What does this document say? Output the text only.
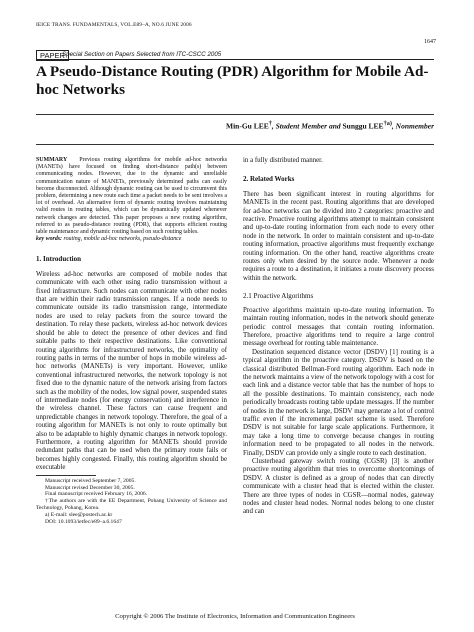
IEICE TRANS. FUNDAMENTALS, VOL.E89–A, NO.6 JUNE 2006
1647
PAPER
Special Section on Papers Selected from ITC-CSCC 2005
A Pseudo-Distance Routing (PDR) Algorithm for Mobile Ad-hoc Networks
Min-Gu LEE†, Student Member and Sunggu LEE$^{\dagger a)}$, Nonmember

SUMMARY Previous routing algorithms for mobile ad-hoc networks (MANETs) have focused on finding short-distance path(s) between communicating nodes. However, due to the dynamic and unreliable communication nature of MANETs, previously determined paths can easily become disconnected. Although dynamic routing can be used to circumvent this problem, determining a new route each time a packet needs to be sent involves a lot of overhead. An alternative form of dynamic routing involves maintaining valid routes in routing tables, which can be dynamically updated whenever network changes are detected. This paper proposes a new routing algorithm, referred to as pseudo-distance routing (PDR), that supports efficient routing table maintenance and dynamic routing based on such routing tables.

key words: routing, mobile ad-hoc networks, pseudo-distance

1. Introduction

Wireless ad-hoc networks are composed of mobile nodes that communicate with each other using radio transmission without a fixed infrastructure. Such nodes can communicate with other nodes that are within their radio transmission ranges. If a node needs to communicate outside its radio transmission range, intermediate nodes are used to relay packets from the source toward the destination. To relay these packets, wireless ad-hoc network devices should be able to detect the presence of other devices and find suitable paths to their respective destinations. Like conventional routing algorithms for infrastructured networks, the optimality of routing paths in terms of the number of hops in mobile wireless ad-hoc networks (MANETs) is very important. However, unlike conventional infrastructured networks, the network topology is not fixed due to the dynamic nature of the network arising from factors such as the mobility of the nodes, low signal power, suspended states of intermediate nodes (for energy conservation) and interference in the wireless channel. These factors can cause frequent and unpredictable changes in network topology. Therefore, the goal of a routing algorithm for MANETs is not only to route optimally but also to be adaptable to highly dynamic changes in network topology. Furthermore, a routing algorithm for MANETs should provide redundant paths that can be used when the primary route fails or becomes highly congested. Finally, this routing algorithm should be executable

Manuscript received September 7, 2005.

Manuscript revised December 30, 2005.

Final manuscript received February 16, 2006.

†The authors are with the EE Department, Pohang University of Science and Technology, Pohang, Korea.

a) E-mail: slee@postech.ac.kr

DOI: 10.1093/ietfec/e89–a.6.1647

in a fully distributed manner.

2. Related Works

There has been significant interest in routing algorithms for MANETs in the recent past. Routing algorithms that are developed for ad-hoc networks can be divided into 2 categories: proactive and reactive. Proactive routing algorithms attempt to maintain consistent and up-to-date routing information from each node to every other node in the network. In order to maintain consistent and up-to-date routing information, proactive algorithms must frequently exchange routing information. On the other hand, reactive algorithms create routes only when desired by the source node. Whenever a node requires a route to a destination, it initiates a route discovery process within the network.

2.1 Proactive Algorithms

Proactive algorithms maintain up-to-date routing information. To maintain routing information, nodes in the network should generate periodic control messages that contain routing information. Therefore, proactive algorithms tend to require a large control message overhead for routing table maintenance.

Destination sequenced distance vector (DSDV) [1] routing is a typical algorithm in the proactive category. DSDV is based on the classical distributed Bellman-Ford routing algorithm. Each node in the network maintains a view of the network topology with a cost for each link and a distance vector table that has the number of hops to all the possible destinations. To maintain consistency, each node periodically broadcasts routing table update messages. If the number of nodes in the network is large, DSDV may generate a lot of control traffic even if the incremental packet scheme is used. Therefore DSDV is not suitable for large scale applications. Furthermore, it may take a long time to converge because changes in routing information need to be propagated to all nodes in the network. Finally, DSDV can provide only a single route to each destination.

Clusterhead gateway switch routing (CGSR) [3] is another proactive routing algorithm that tries to overcome shortcomings of DSDV. A cluster is defined as a group of nodes that can directly communicate with a cluster head that is elected within the cluster. There are three types of nodes in CGSR—normal nodes, gateway nodes and cluster head nodes. Normal nodes belong to one cluster and can

Copyright © 2006 The Institute of Electronics, Information and Communication Engineers
